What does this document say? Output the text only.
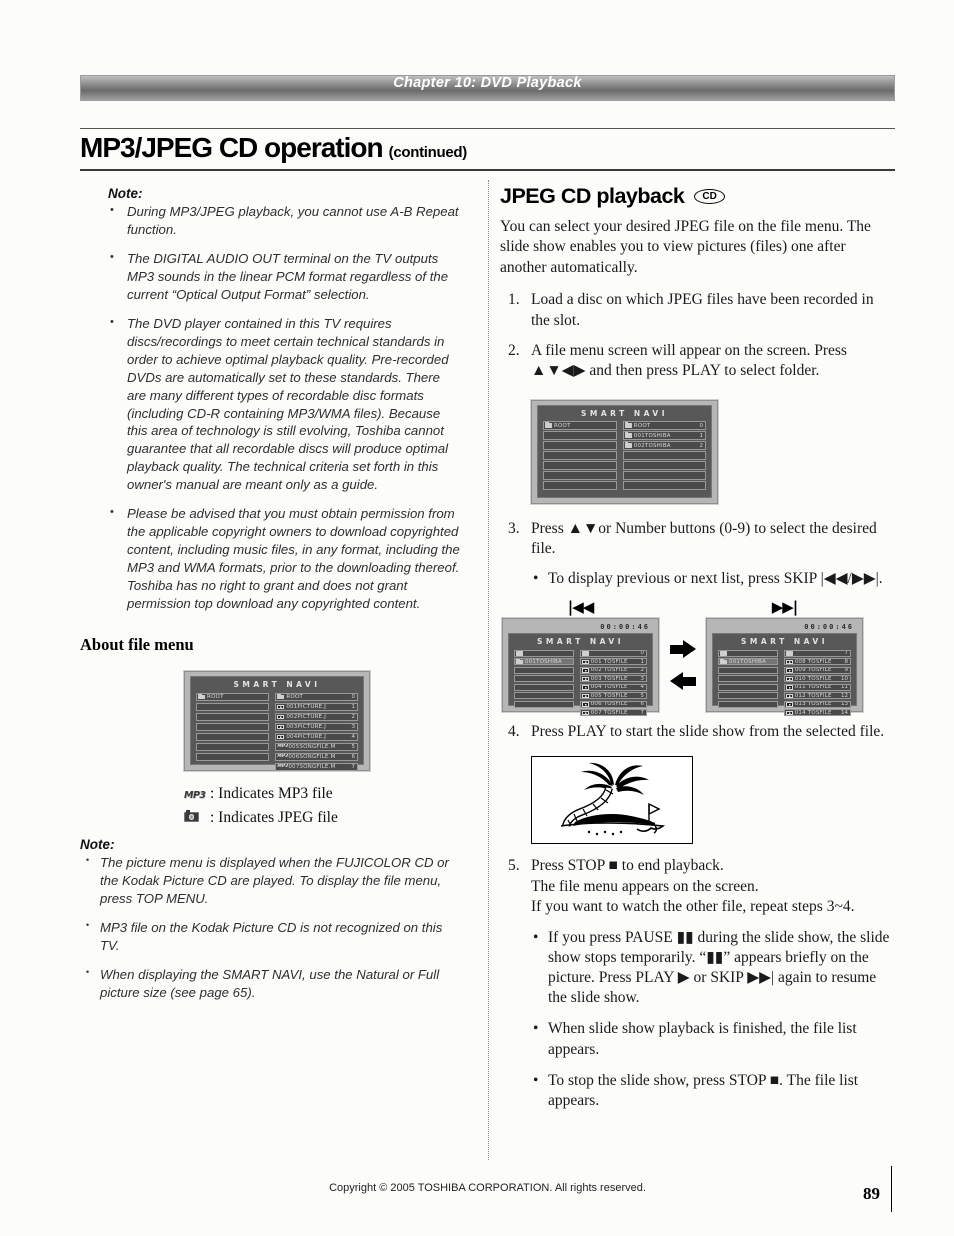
Chapter 10: DVD Playback
MP3/JPEG CD operation (continued)
Note:
• During MP3/JPEG playback, you cannot use A-B Repeat function.
• The DIGITAL AUDIO OUT terminal on the TV outputs MP3 sounds in the linear PCM format regardless of the current “Optical Output Format” selection.
• The DVD player contained in this TV requires discs/recordings to meet certain technical standards in order to achieve optimal playback quality. Pre-recorded DVDs are automatically set to these standards. There are many different types of recordable disc formats (including CD-R containing MP3/WMA files). Because this area of technology is still evolving, Toshiba cannot guarantee that all recordable discs will produce optimal playback quality. The technical criteria set forth in this owner's manual are meant only as a guide.
• Please be advised that you must obtain permission from the applicable copyright owners to download copyrighted content, including music files, in any format, including the MP3 and WMA formats, prior to the downloading thereof. Toshiba has no right to grant and does not grant permission top download any copyrighted content.
About file menu
SMART NAVI
ROOT	ROOT	0
001PICTURE.J	1
002PICTURE.J	2
003PICTURE.J	3
004PICTURE.J	4
MP3
005SONGFILE.M	5
MP3
006SONGFILE.M	6
MP3
007SONGFILE.M	7
MP3 : Indicates MP3 file
: Indicates JPEG file
Note:
• The picture menu is displayed when the FUJICOLOR CD or the Kodak Picture CD are played. To display the file menu, press TOP MENU.
• MP3 file on the Kodak Picture CD is not recognized on this TV.
• When displaying the SMART NAVI, use the Natural or Full picture size (see page 65).
JPEG CD playback	CD

You can select your desired JPEG file on the file menu. The slide show enables you to view pictures (files) one after another automatically.

1. Load a disc on which JPEG files have been recorded in the slot.
2. A file menu screen will appear on the screen. Press ▲▼◀▶ and then press PLAY to select folder.
SMART NAVI
ROOT	ROOT	0
001TOSHIBA	1
002TOSHIBA	2
3. Press ▲▼or Number buttons (0-9) to select the desired file.
• To display previous or next list, press SKIP |◀◀/▶▶|.
|◀◀	▶▶|
00:00:46
SMART NAVI
001TOSHIBA
0
001 TOSFILE 1
002 TOSFILE 2
003 TOSFILE 3
004 TOSFILE 4
005 TOSFILE 5
006 TOSFILE 6
007 TOSFILE 7
00:00:46
SMART NAVI
001TOSHIBA
7
008 TOSFILE 8
009 TOSFILE 9
010 TOSFILE 10
011 TOSFILE 11
012 TOSFILE 12
013 TOSFILE 13
014 TOSFILE 14
4. Press PLAY to start the slide show from the selected file.
5. Press STOP ■ to end playback.
The file menu appears on the screen.
If you want to watch the other file, repeat steps 3~4.
• If you press PAUSE ▮▮ during the slide show, the slide show stops temporarily. “▮▮” appears briefly on the picture. Press PLAY ▶ or SKIP ▶▶| again to resume the slide show.
• When slide show playback is finished, the file list appears.
• To stop the slide show, press STOP ■. The file list appears.
Copyright © 2005 TOSHIBA CORPORATION. All rights reserved.	89
